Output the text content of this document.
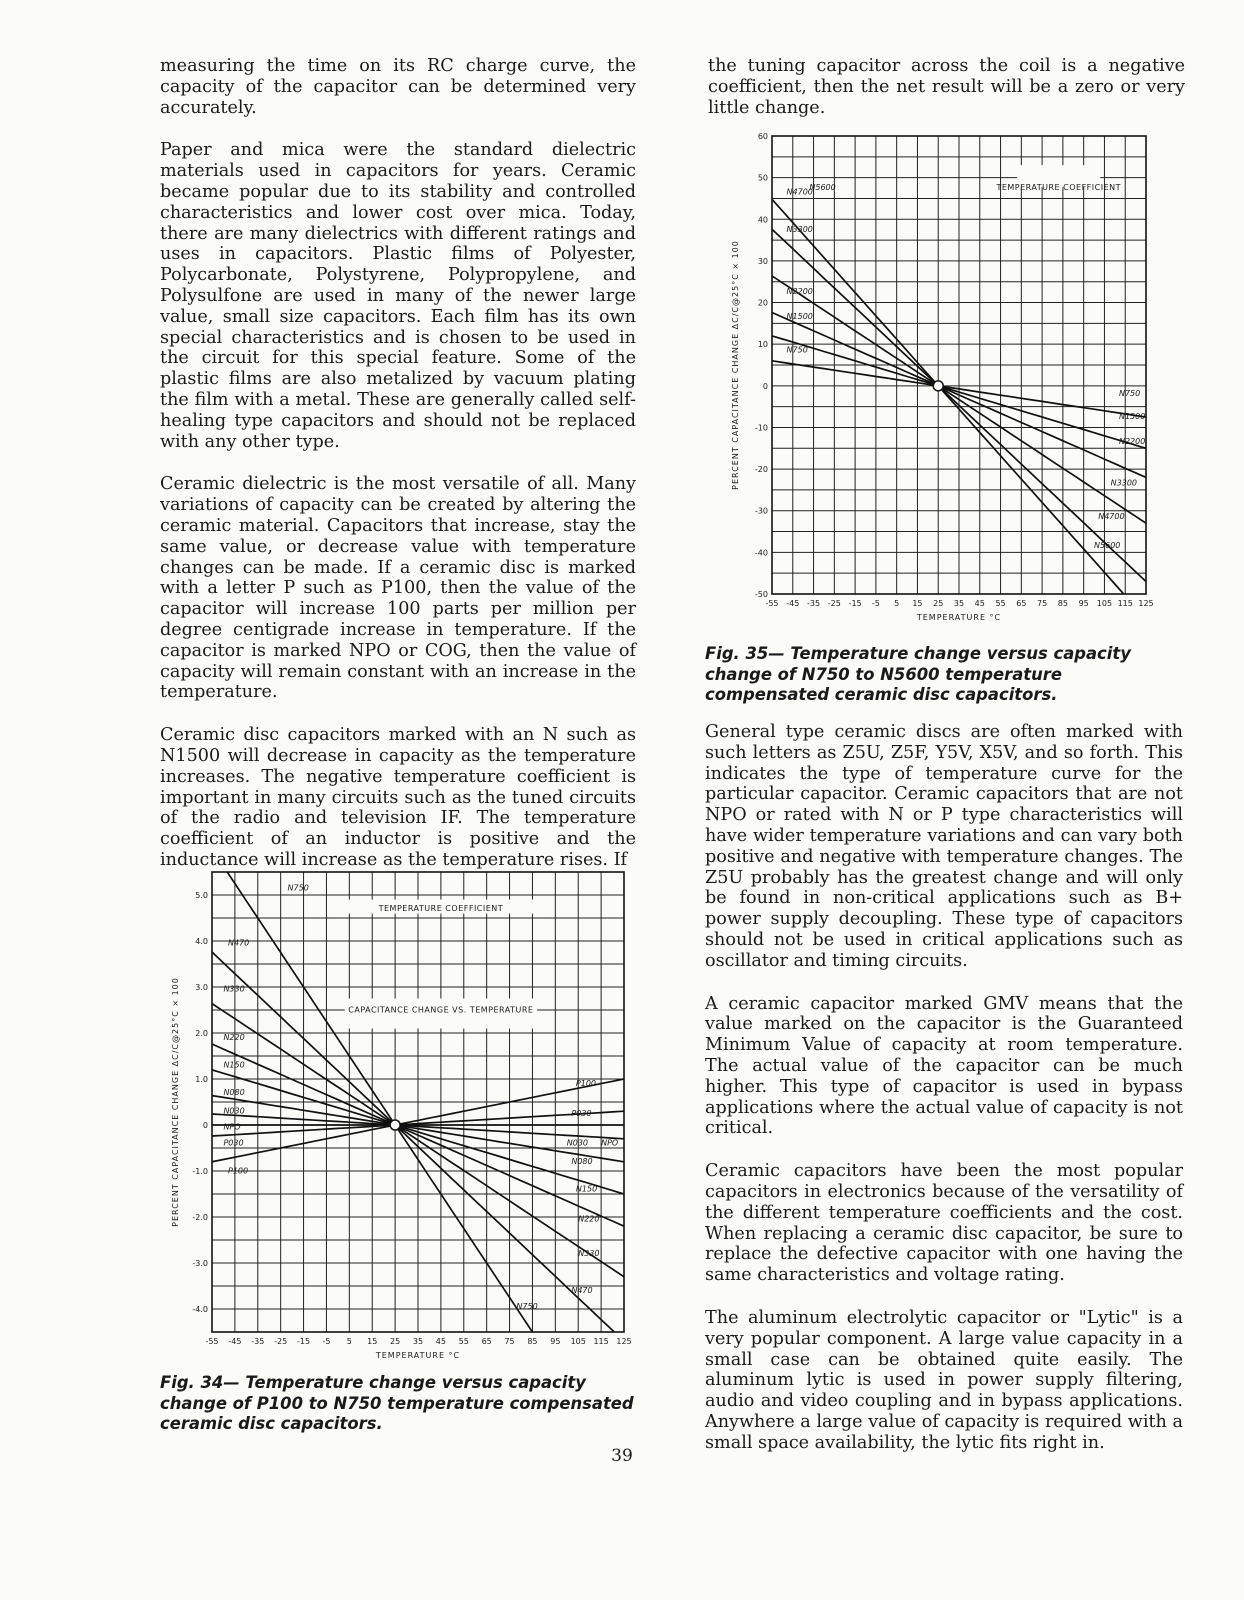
measuring the time on its RC charge curve, the capacity of the capacitor can be determined very accurately.

Paper and mica were the standard dielectric materials used in capacitors for years. Ceramic became popular due to its stability and controlled characteristics and lower cost over mica. Today, there are many dielectrics with different ratings and uses in capacitors. Plastic films of Polyester, Polycarbonate, Polystyrene, Polypropylene, and Polysulfone are used in many of the newer large value, small size capacitors. Each film has its own special characteristics and is chosen to be used in the circuit for this special feature. Some of the plastic films are also metalized by vacuum plating the film with a metal. These are generally called self-healing type capacitors and should not be replaced with any other type.

Ceramic dielectric is the most versatile of all. Many variations of capacity can be created by altering the ceramic material. Capacitors that increase, stay the same value, or decrease value with temperature changes can be made. If a ceramic disc is marked with a letter P such as P100, then the value of the capacitor will increase 100 parts per million per degree centigrade increase in temperature. If the capacitor is marked NPO or COG, then the value of capacity will remain constant with an increase in the temperature.

Ceramic disc capacitors marked with an N such as N1500 will decrease in capacity as the temperature increases. The negative temperature coefficient is important in many circuits such as the tuned circuits of the radio and television IF. The temperature coefficient of an inductor is positive and the inductance will increase as the temperature rises. If

the tuning capacitor across the coil is a negative coefficient, then the net result will be a zero or very little change.

General type ceramic discs are often marked with such letters as Z5U, Z5F, Y5V, X5V, and so forth. This indicates the type of temperature curve for the particular capacitor. Ceramic capacitors that are not NPO or rated with N or P type characteristics will have wider temperature variations and can vary both positive and negative with temperature changes. The Z5U probably has the greatest change and will only be found in non-critical applications such as B+ power supply decoupling. These type of capacitors should not be used in critical applications such as oscillator and timing circuits.

A ceramic capacitor marked GMV means that the value marked on the capacitor is the Guaranteed Minimum Value of capacity at room temperature. The actual value of the capacitor can be much higher. This type of capacitor is used in bypass applications where the actual value of capacity is not critical.

Ceramic capacitors have been the most popular capacitors in electronics because of the versatility of the different temperature coefficients and the cost. When replacing a ceramic disc capacitor, be sure to replace the defective capacitor with one having the same characteristics and voltage rating.

The aluminum electrolytic capacitor or "Lytic" is a very popular component. A large value capacity in a small case can be obtained quite easily. The aluminum lytic is used in power supply filtering, audio and video coupling and in bypass applications. Anywhere a large value of capacity is required with a small space availability, the lytic fits right in.

-55 -45 -35 -25 -15 -5 5 15 25 35 45 55 65 75 85 95 105 115 125
60
50
40
30
20
10
0
-10
-20
-30
-40
-50
TEMPERATURE °C
PERCENT CAPACITANCE CHANGE ΔC/C@25°C × 100
N5600
N4700
N3300
N2200
N1500
N750
N750
N1500
N2200
N3300
N4700
N5600
TEMPERATURE COEFFICIENT
Fig. 35— Temperature change versus capacity change of N750 to N5600 temperature compensated ceramic disc capacitors.
-55 -45 -35 -25 -15 -5 5 15 25 35 45 55 65 75 85 95 105 115 125
5.0
4.0
3.0
2.0
1.0
0
-1.0
-2.0
-3.0
-4.0
TEMPERATURE °C
PERCENT CAPACITANCE CHANGE ΔC/C@25°C × 100
N750
N470
N330
N220
N150
N080
N030
NPO
P030
P100
P100
P030
N030 NPO
N080
N150
N220
N330
N470
N750
TEMPERATURE COEFFICIENT
CAPACITANCE CHANGE VS. TEMPERATURE
Fig. 34— Temperature change versus capacity change of P100 to N750 temperature compensated ceramic disc capacitors.
39
